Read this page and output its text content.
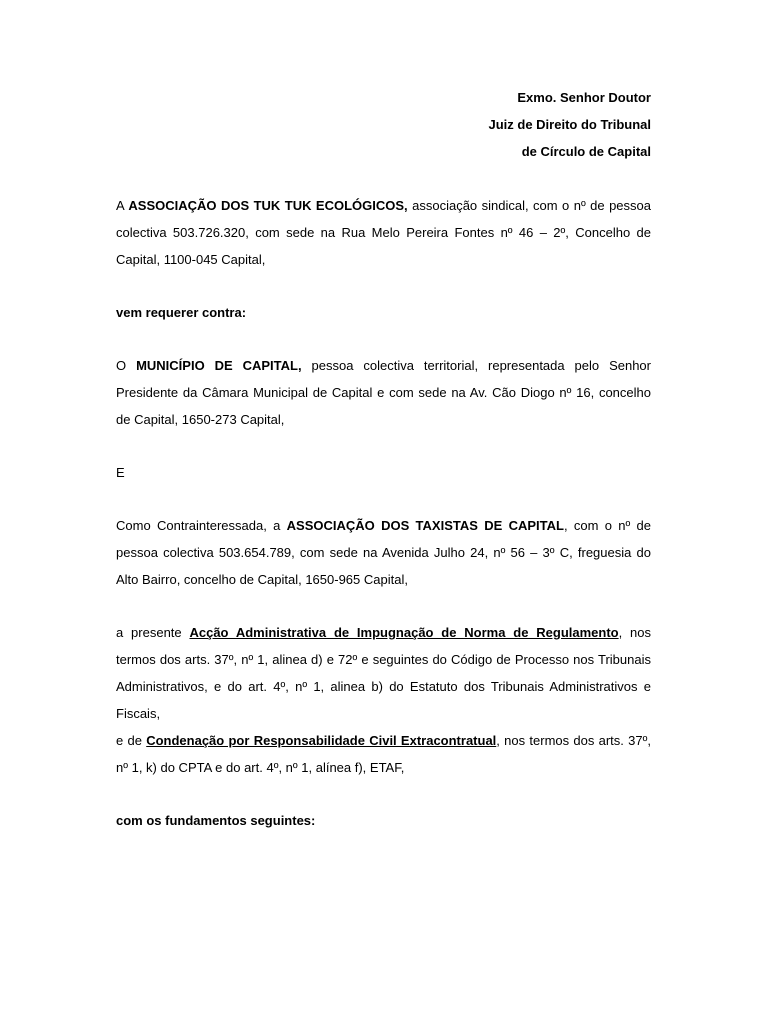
Exmo. Senhor Doutor
Juiz de Direito do Tribunal
de Círculo de Capital

A ASSOCIAÇÃO DOS TUK TUK ECOLÓGICOS, associação sindical, com o nº de pessoa colectiva 503.726.320, com sede na Rua Melo Pereira Fontes nº 46 – 2º, Concelho de Capital, 1100-045 Capital,

vem requerer contra:

O MUNICÍPIO DE CAPITAL, pessoa colectiva territorial, representada pelo Senhor Presidente da Câmara Municipal de Capital e com sede na Av. Cão Diogo nº 16, concelho de Capital, 1650-273 Capital,

E

Como Contrainteressada, a ASSOCIAÇÃO DOS TAXISTAS DE CAPITAL, com o nº de pessoa colectiva 503.654.789, com sede na Avenida Julho 24, nº 56 – 3º C, freguesia do Alto Bairro, concelho de Capital, 1650-965 Capital,

a presente Acção Administrativa de Impugnação de Norma de Regulamento, nos termos dos arts. 37º, nº 1, alinea d) e 72º e seguintes do Código de Processo nos Tribunais Administrativos, e do art. 4º, nº 1, alinea b) do Estatuto dos Tribunais Administrativos e Fiscais,

e de Condenação por Responsabilidade Civil Extracontratual, nos termos dos arts. 37º, nº 1, k) do CPTA e do art. 4º, nº 1, alínea f), ETAF,

com os fundamentos seguintes:
